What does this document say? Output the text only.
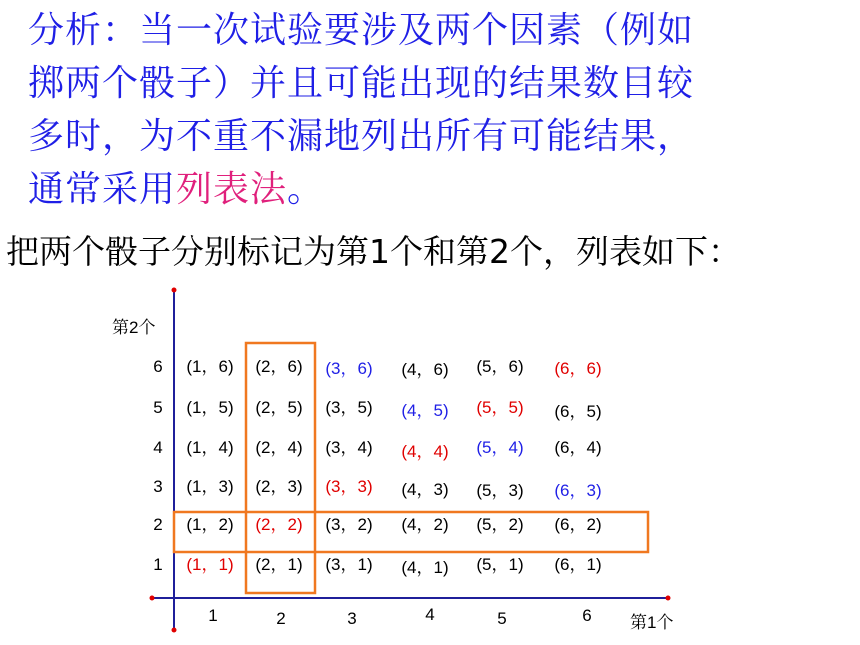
分析：当一次试验要涉及两个因素（例如
掷两个骰子）并且可能出现的结果数目较
多时，为不重不漏地列出所有可能结果，
通常采用列表法。
把两个骰子分别标记为第1个和第2个，列表如下：
第2个
第1个
1	2	3	4	5	6
6 (1，6) (2，6) (3，6) (4，6) (5，6) (6，6)
5 (1，5) (2，5) (3，5) (4，5) (5，5) (6，5)
4 (1，4) (2，4) (3，4) (4，4) (5，4) (6，4)
3 (1，3) (2，3) (3，3) (4，3) (5，3) (6，3)
2 (1，2) (2，2) (3，2) (4，2) (5，2) (6，2)
1 (1，1) (2，1) (3，1) (4，1) (5，1) (6，1)
